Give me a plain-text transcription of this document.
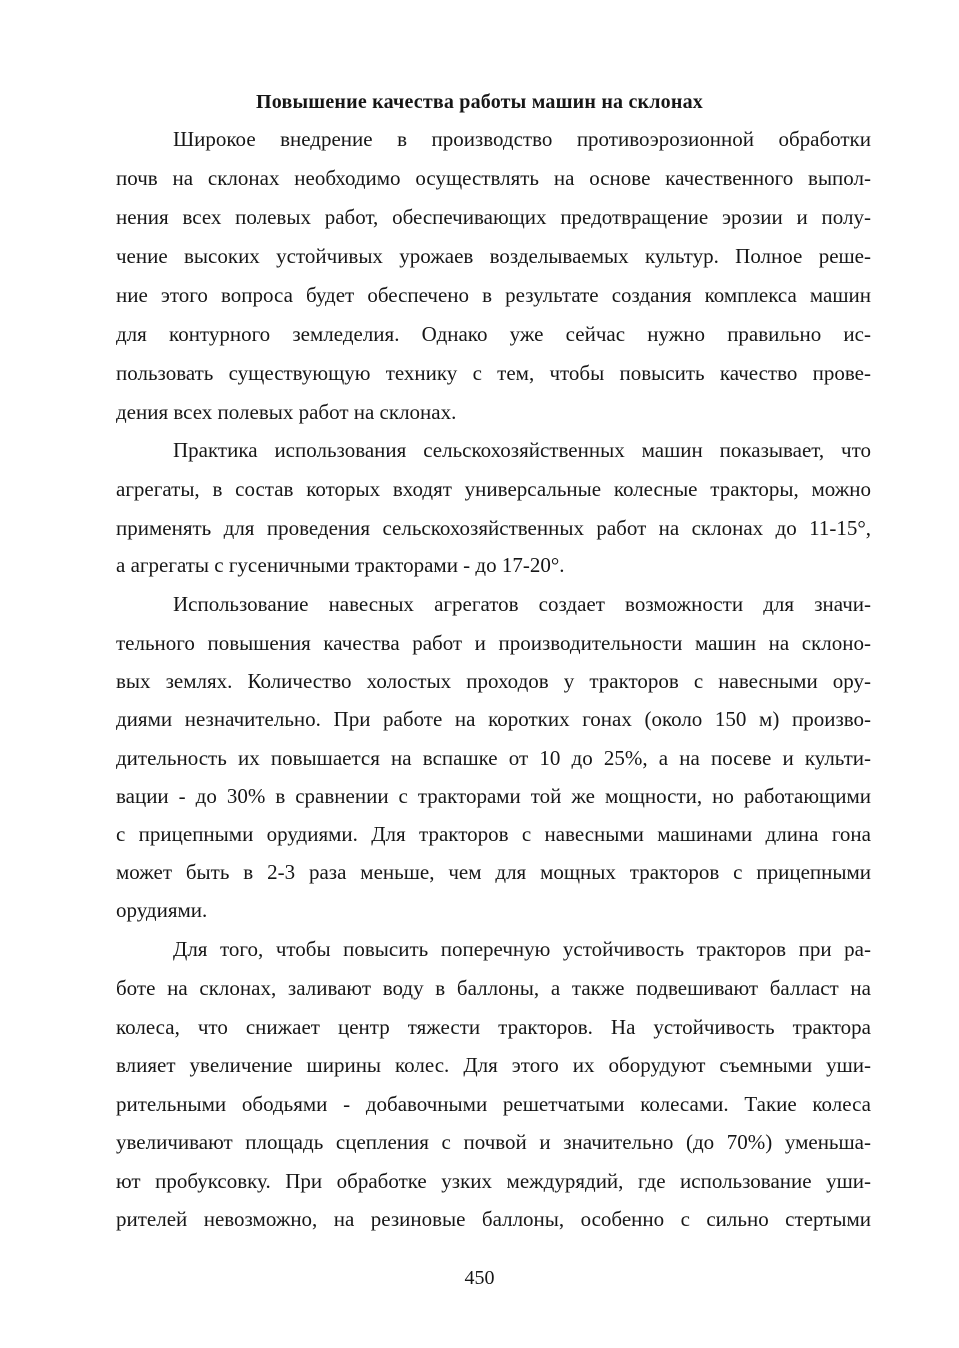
Повышение качества работы машин на склонах
Широкое внедрение в производство противоэрозионной обработки
почв на склонах необходимо осуществлять на основе качественного выпол-
нения всех полевых работ, обеспечивающих предотвращение эрозии и полу-
чение высоких устойчивых урожаев возделываемых культур. Полное реше-
ние этого вопроса будет обеспечено в результате создания комплекса машин
для контурного земледелия. Однако уже сейчас нужно правильно ис-
пользовать существующую технику с тем, чтобы повысить качество прове-
дения всех полевых работ на склонах.
Практика использования сельскохозяйственных машин показывает, что
агрегаты, в состав которых входят универсальные колесные тракторы, можно
применять для проведения сельскохозяйственных работ на склонах до 11-15°,
а агрегаты с гусеничными тракторами - до 17-20°.
Использование навесных агрегатов создает возможности для значи-
тельного повышения качества работ и производительности машин на склоно-
вых землях. Количество холостых проходов у тракторов с навесными ору-
диями незначительно. При работе на коротких гонах (около 150 м) произво-
дительность их повышается на вспашке от 10 до 25%, а на посеве и культи-
вации - до 30% в сравнении с тракторами той же мощности, но работающими
с прицепными орудиями. Для тракторов с навесными машинами длина гона
может быть в 2-3 раза меньше, чем для мощных тракторов с прицепными
орудиями.
Для того, чтобы повысить поперечную устойчивость тракторов при ра-
боте на склонах, заливают воду в баллоны, а также подвешивают балласт на
колеса, что снижает центр тяжести тракторов. На устойчивость трактора
влияет увеличение ширины колес. Для этого их оборудуют съемными уши-
рительными ободьями - добавочными решетчатыми колесами. Такие колеса
увеличивают площадь сцепления с почвой и значительно (до 70%) уменьша-
ют пробуксовку. При обработке узких междурядий, где использование уши-
рителей невозможно, на резиновые баллоны, особенно с сильно стертыми
450
